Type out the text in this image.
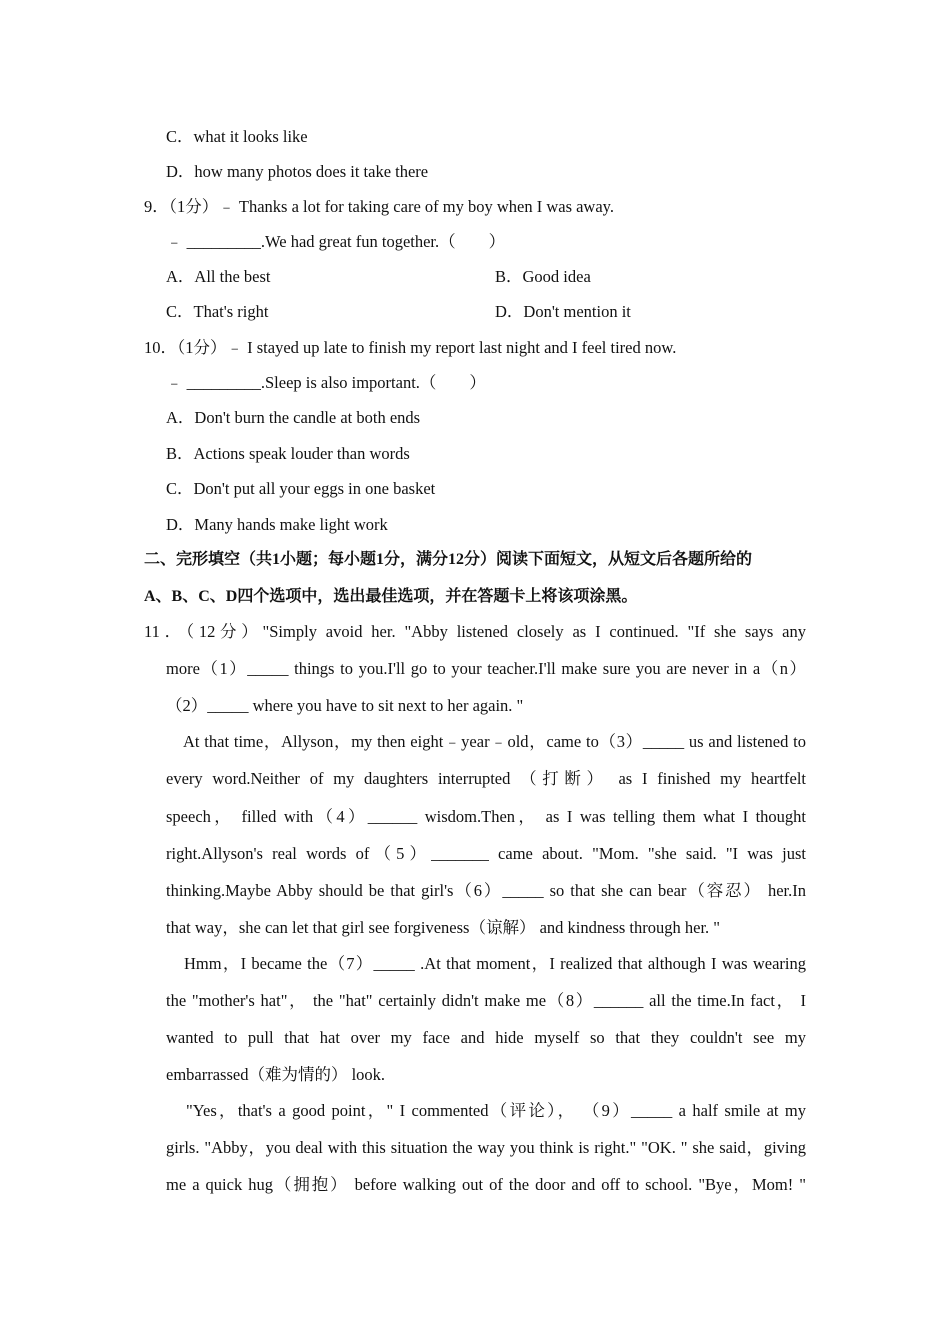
C．what it looks like
D．how many photos does it take there
9．（1分）﹣ Thanks a lot for taking care of my boy when I was away.
﹣ _________.We had great fun together.（　　）
A．All the best	B．Good idea
C．That's right	D．Don't mention it
10．（1分）﹣ I stayed up late to finish my report last night and I feel tired now.
﹣ _________.Sleep is also important.（　　）
A．Don't burn the candle at both ends
B．Actions speak louder than words
C．Don't put all your eggs in one basket
D．Many hands make light work
二、完形填空（共1小题；每小题1分，满分12分）阅读下面短文，从短文后各题所给的
A、B、C、D四个选项中，选出最佳选项，并在答题卡上将该项涂黑。
11．（12分）"Simply avoid her. "Abby listened closely as I continued. "If she says any
more（1）_____ things to you.I'll go to your teacher.I'll make sure you are never in a（n）
（2）_____ where you have to sit next to her again. "
At that time，Allyson，my then eight﹣year﹣old，came to（3）_____ us and listened to
every word.Neither of my daughters interrupted （打断） as I finished my heartfelt
speech， filled with（4）______ wisdom.Then， as I was telling them what I thought
right.Allyson's real words of（5）_______ came about. "Mom. "she said. "I was just
thinking.Maybe Abby should be that girl's（6）_____ so that she can bear（容忍） her.In
that way，she can let that girl see forgiveness（谅解） and kindness through her. "
Hmm，I became the（7）_____ .At that moment，I realized that although I was wearing
the "mother's hat"， the "hat" certainly didn't make me（8）______ all the time.In fact， I
wanted to pull that hat over my face and hide myself so that they couldn't see my
embarrassed（难为情的） look.
"Yes，that's a good point，" I commented（评论）， （9）_____ a half smile at my
girls. "Abby，you deal with this situation the way you think is right." "OK. " she said，giving
me a quick hug（拥抱） before walking out of the door and off to school. "Bye，Mom! "
